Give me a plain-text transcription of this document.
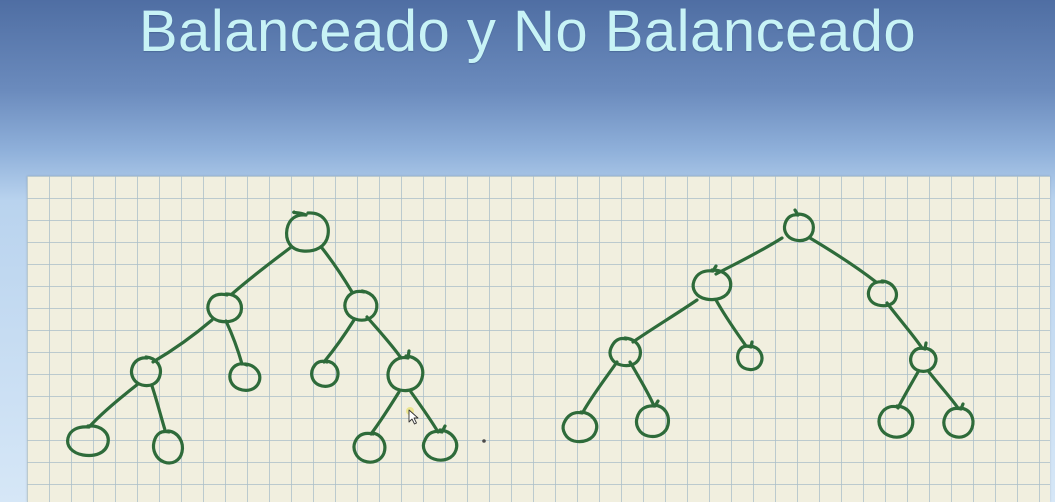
Balanceado y No Balanceado
